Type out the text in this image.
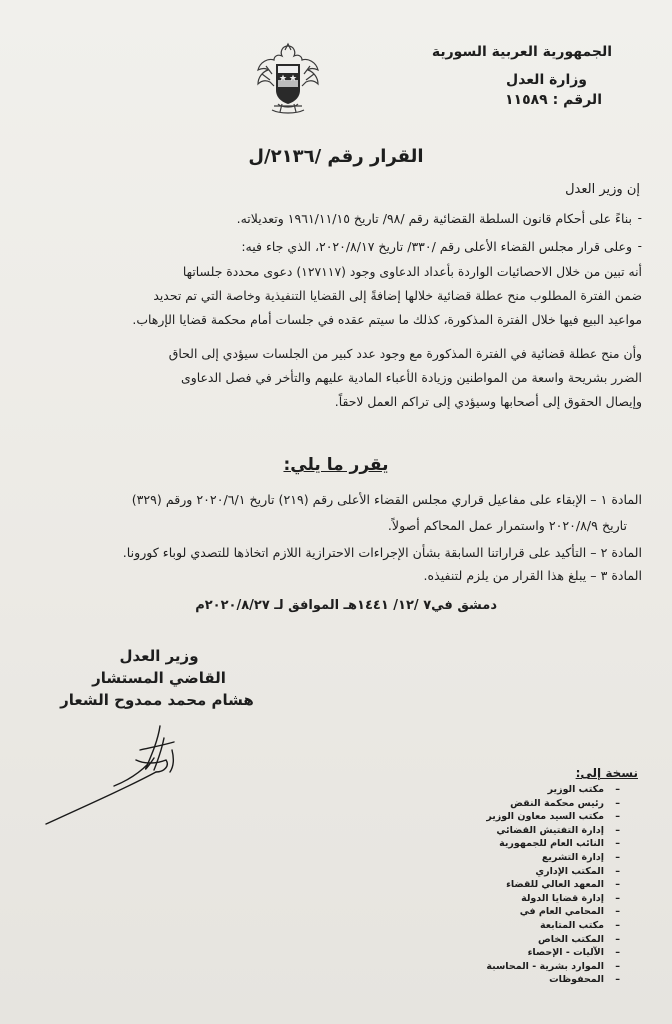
الجمهورية العربية السورية
وزارة العدل
الرقم : ١١٥٨٩
القرار رقم /٢١٣٦/ل
إن وزير العدل
-
بناءً على أحكام قانون السلطة القضائية رقم /٩٨/ تاريخ ١٩٦١/١١/١٥ وتعديلاته.
-
وعلى قرار مجلس القضاء الأعلى رقم /٣٣٠/ تاريخ ٢٠٢٠/٨/١٧، الذي جاء فيه:
أنه تبين من خلال الاحصائيات الواردة بأعداد الدعاوى وجود (١٢٧١١٧) دعوى محددة جلساتها
ضمن الفترة المطلوب منح عطلة قضائية خلالها إضافةً إلى القضايا التنفيذية وخاصة التي تم تحديد
مواعيد البيع فيها خلال الفترة المذكورة، كذلك ما سيتم عقده في جلسات أمام محكمة قضايا الإرهاب.
وأن منح عطلة قضائية في الفترة المذكورة مع وجود عدد كبير من الجلسات سيؤدي إلى الحاق
الضرر بشريحة واسعة من المواطنين وزيادة الأعباء المادية عليهم والتأخر في فصل الدعاوى
وإيصال الحقوق إلى أصحابها وسيؤدي إلى تراكم العمل لاحقاً.
يقرر ما يلي:
المادة ١ – الإبقاء على مفاعيل قراري مجلس القضاء الأعلى رقم (٢١٩) تاريخ ٢٠٢٠/٦/١ ورقم (٣٢٩)
تاريخ ٢٠٢٠/٨/٩ واستمرار عمل المحاكم أصولاً.
المادة ٢ – التأكيد على قراراتنا السابقة بشأن الإجراءات الاحترازية اللازم اتخاذها للتصدي لوباء كورونا.
المادة ٣ – يبلغ هذا القرار من يلزم لتنفيذه.
دمشق في٧ /١٢/ ١٤٤١هـ الموافق لـ ٢٠٢٠/٨/٢٧م
وزير العدل
القاضي المستشار
هشام محمد ممدوح الشعار
نسخة إلى:
–
مكتب الوزير
–
رئيس محكمة النقض
–
مكتب السيد معاون الوزير
–
إدارة التفتيش القضائي
–
النائب العام للجمهورية
–
إدارة التشريع
–
المكتب الإداري
–
المعهد العالي للقضاء
–
إدارة قضايا الدولة
–
المحامي العام في
–
مكتب المتابعة
–
المكتب الخاص
–
الآليات - الإحصاء
–
الموارد بشرية - المحاسبة
–
المحفوظات
